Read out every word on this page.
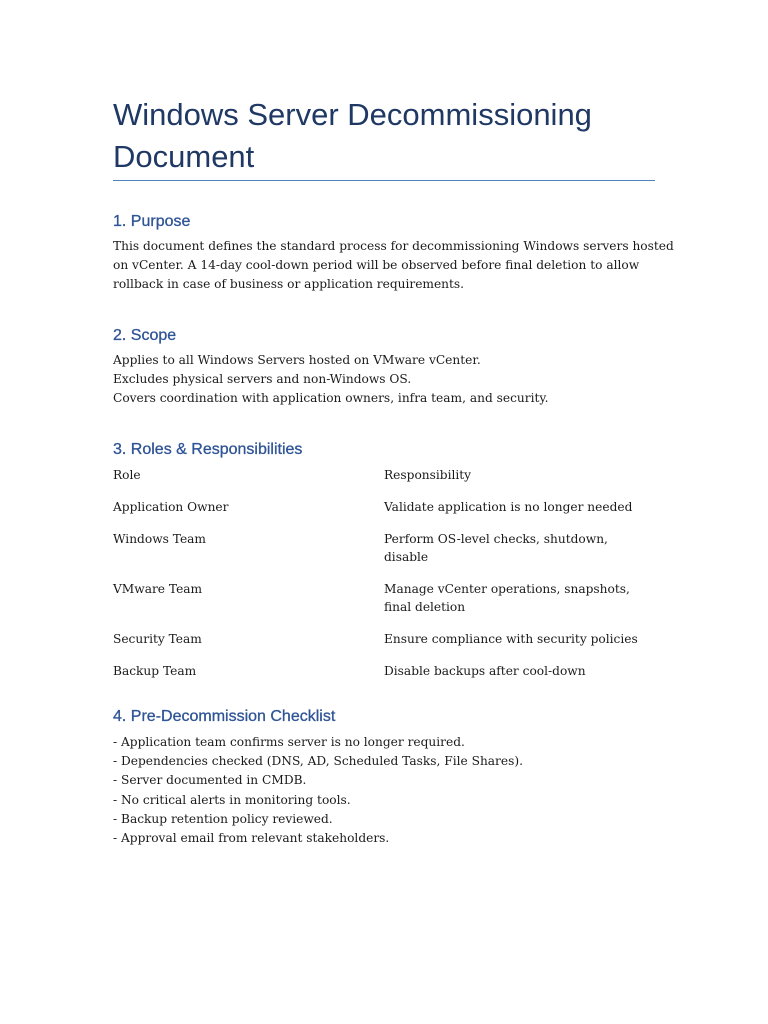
Windows Server Decommissioning Document
1. Purpose
This document defines the standard process for decommissioning Windows servers hosted
on vCenter. A 14-day cool-down period will be observed before final deletion to allow
rollback in case of business or application requirements.
2. Scope
Applies to all Windows Servers hosted on VMware vCenter.
Excludes physical servers and non-Windows OS.
Covers coordination with application owners, infra team, and security.
3. Roles & Responsibilities
Role	Responsibility
Application Owner	Validate application is no longer needed
Windows Team	Perform OS-level checks, shutdown, disable
VMware Team	Manage vCenter operations, snapshots, final deletion
Security Team	Ensure compliance with security policies
Backup Team	Disable backups after cool-down
4. Pre-Decommission Checklist
- Application team confirms server is no longer required.
- Dependencies checked (DNS, AD, Scheduled Tasks, File Shares).
- Server documented in CMDB.
- No critical alerts in monitoring tools.
- Backup retention policy reviewed.
- Approval email from relevant stakeholders.
